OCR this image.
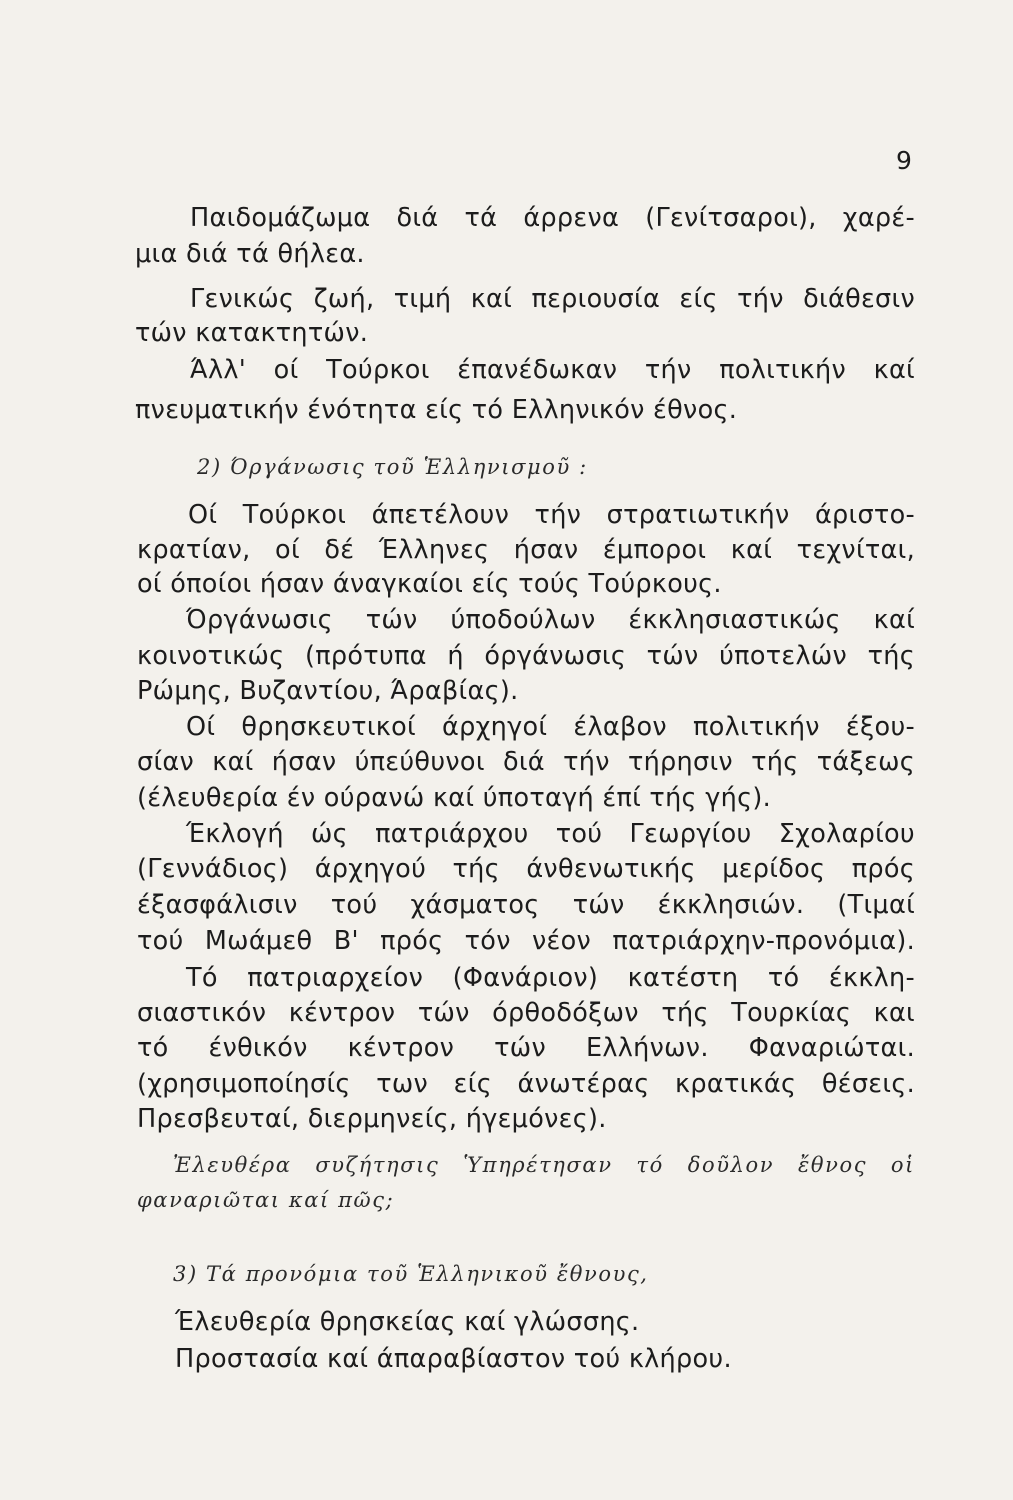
9
Παιδομάζωμα διά τά άρρενα (Γενίτσαροι), χαρέ-
μια διά τά θήλεα.
Γενικώς ζωή, τιμή καί περιουσία είς τήν διάθεσιν
τών κατακτητών.
Άλλ' οί Τούρκοι έπανέδωκαν τήν πολιτικήν καί
πνευματικήν ένότητα είς τό Ελληνικόν έθνος.
2) Όργάνωσις τοῦ Ἑλληνισμοῦ :
Οί Τούρκοι άπετέλουν τήν στρατιωτικήν άριστο-
κρατίαν, οί δέ Έλληνες ήσαν έμποροι καί τεχνίται,
οί όποίοι ήσαν άναγκαίοι είς τούς Τούρκους.
Όργάνωσις τών ύποδούλων έκκλησιαστικώς καί
κοινοτικώς (πρότυπα ή όργάνωσις τών ύποτελών τής
Ρώμης, Βυζαντίου, Άραβίας).
Οί θρησκευτικοί άρχηγοί έλαβον πολιτικήν έξου-
σίαν καί ήσαν ύπεύθυνοι διά τήν τήρησιν τής τάξεως
(έλευθερία έν ούρανώ καί ύποταγή έπί τής γής).
Έκλογή ώς πατριάρχου τού Γεωργίου Σχολαρίου
(Γεννάδιος) άρχηγού τής άνθενωτικής μερίδος πρός
έξασφάλισιν τού χάσματος τών έκκλησιών. (Τιμαί
τού Μωάμεθ Β' πρός τόν νέον πατριάρχην-προνόμια).
Τό πατριαρχείον (Φανάριον) κατέστη τό έκκλη-
σιαστικόν κέντρον τών όρθοδόξων τής Τουρκίας και
τό ένθικόν κέντρον τών Ελλήνων. Φαναριώται.
(χρησιμοποίησίς των είς άνωτέρας κρατικάς θέσεις.
Πρεσβευταί, διερμηνείς, ήγεμόνες).
Ἐλευθέρα συζήτησις Ὑπηρέτησαν τό δοῦλον ἔθνος οἱ
φαναριῶται καί πῶς;
3) Τά προνόμια τοῦ Ἑλληνικοῦ ἔθνους,
Έλευθερία θρησκείας καί γλώσσης.
Προστασία καί άπαραβίαστον τού κλήρου.
